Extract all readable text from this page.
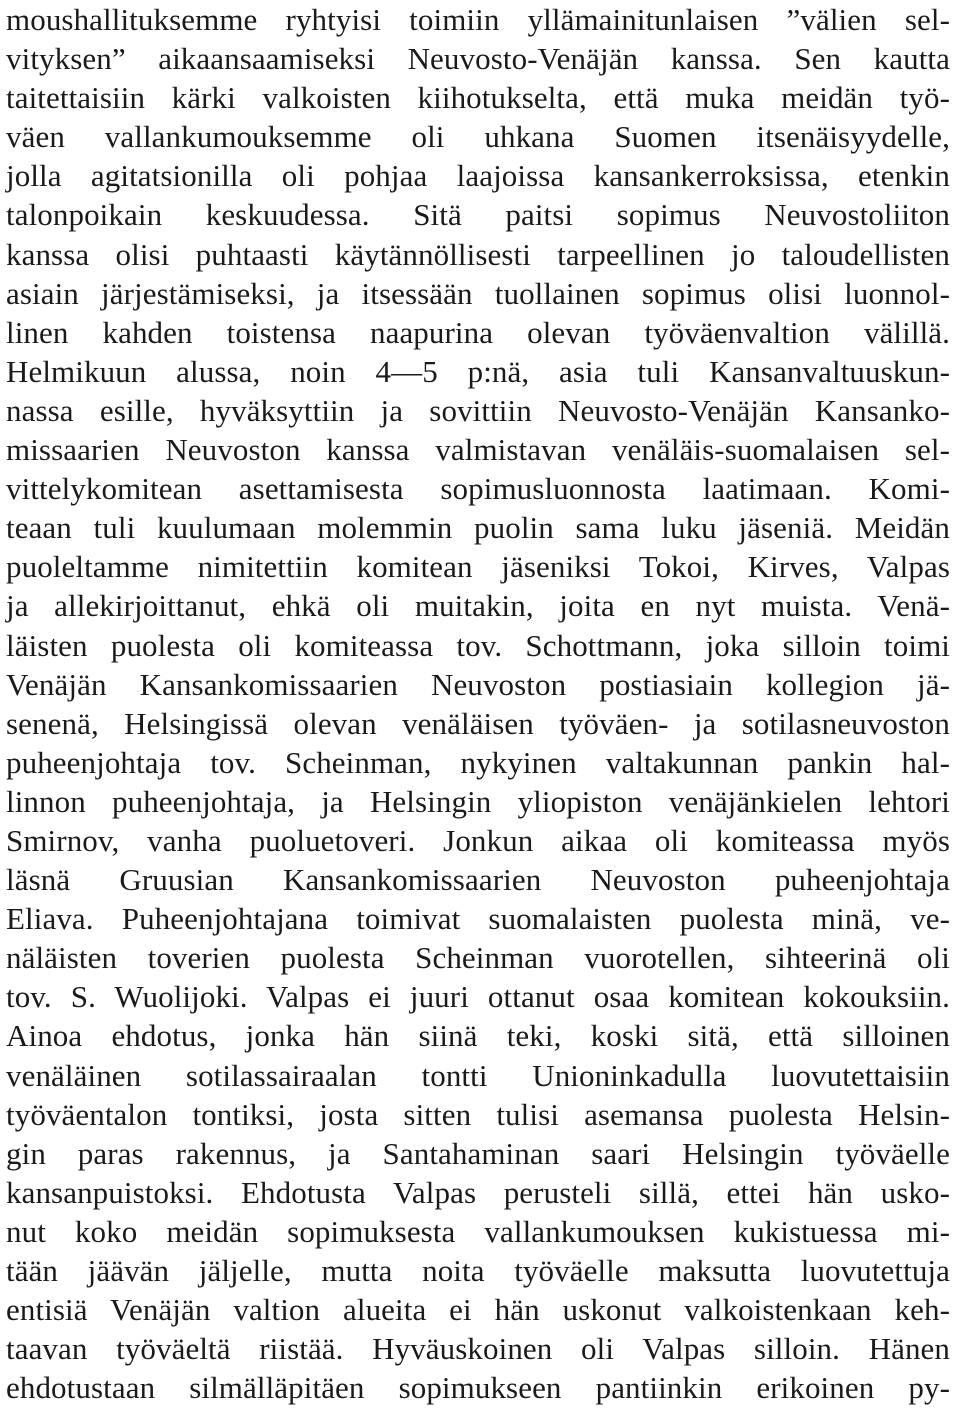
moushallituksemme ryhtyisi toimiin yllämainitunlaisen ”välien sel-
vityksen” aikaansaamiseksi Neuvosto-Venäjän kanssa. Sen kautta
taitettaisiin kärki valkoisten kiihotukselta, että muka meidän työ-
väen vallankumouksemme oli uhkana Suomen itsenäisyydelle,
jolla agitatsionilla oli pohjaa laajoissa kansankerroksissa, etenkin
talonpoikain keskuudessa. Sitä paitsi sopimus Neuvostoliiton
kanssa olisi puhtaasti käytännöllisesti tarpeellinen jo taloudellisten
asiain järjestämiseksi, ja itsessään tuollainen sopimus olisi luonnol-
linen kahden toistensa naapurina olevan työväenvaltion välillä.
Helmikuun alussa, noin 4—5 p:nä, asia tuli Kansanvaltuuskun-
nassa esille, hyväksyttiin ja sovittiin Neuvosto-Venäjän Kansanko-
missaarien Neuvoston kanssa valmistavan venäläis-suomalaisen sel-
vittelykomitean asettamisesta sopimusluonnosta laatimaan. Komi-
teaan tuli kuulumaan molemmin puolin sama luku jäseniä. Meidän
puoleltamme nimitettiin komitean jäseniksi Tokoi, Kirves, Valpas
ja allekirjoittanut, ehkä oli muitakin, joita en nyt muista. Venä-
läisten puolesta oli komiteassa tov. Schottmann, joka silloin toimi
Venäjän Kansankomissaarien Neuvoston postiasiain kollegion jä-
senenä, Helsingissä olevan venäläisen työväen- ja sotilasneuvoston
puheenjohtaja tov. Scheinman, nykyinen valtakunnan pankin hal-
linnon puheenjohtaja, ja Helsingin yliopiston venäjänkielen lehtori
Smirnov, vanha puoluetoveri. Jonkun aikaa oli komiteassa myös
läsnä Gruusian Kansankomissaarien Neuvoston puheenjohtaja
Eliava. Puheenjohtajana toimivat suomalaisten puolesta minä, ve-
näläisten toverien puolesta Scheinman vuorotellen, sihteerinä oli
tov. S. Wuolijoki. Valpas ei juuri ottanut osaa komitean kokouksiin.
Ainoa ehdotus, jonka hän siinä teki, koski sitä, että silloinen
venäläinen sotilassairaalan tontti Unioninkadulla luovutettaisiin
työväentalon tontiksi, josta sitten tulisi asemansa puolesta Helsin-
gin paras rakennus, ja Santahaminan saari Helsingin työväelle
kansanpuistoksi. Ehdotusta Valpas perusteli sillä, ettei hän usko-
nut koko meidän sopimuksesta vallankumouksen kukistuessa mi-
tään jäävän jäljelle, mutta noita työväelle maksutta luovutettuja
entisiä Venäjän valtion alueita ei hän uskonut valkoistenkaan keh-
taavan työväeltä riistää. Hyväuskoinen oli Valpas silloin. Hänen
ehdotustaan silmälläpitäen sopimukseen pantiinkin erikoinen py-
